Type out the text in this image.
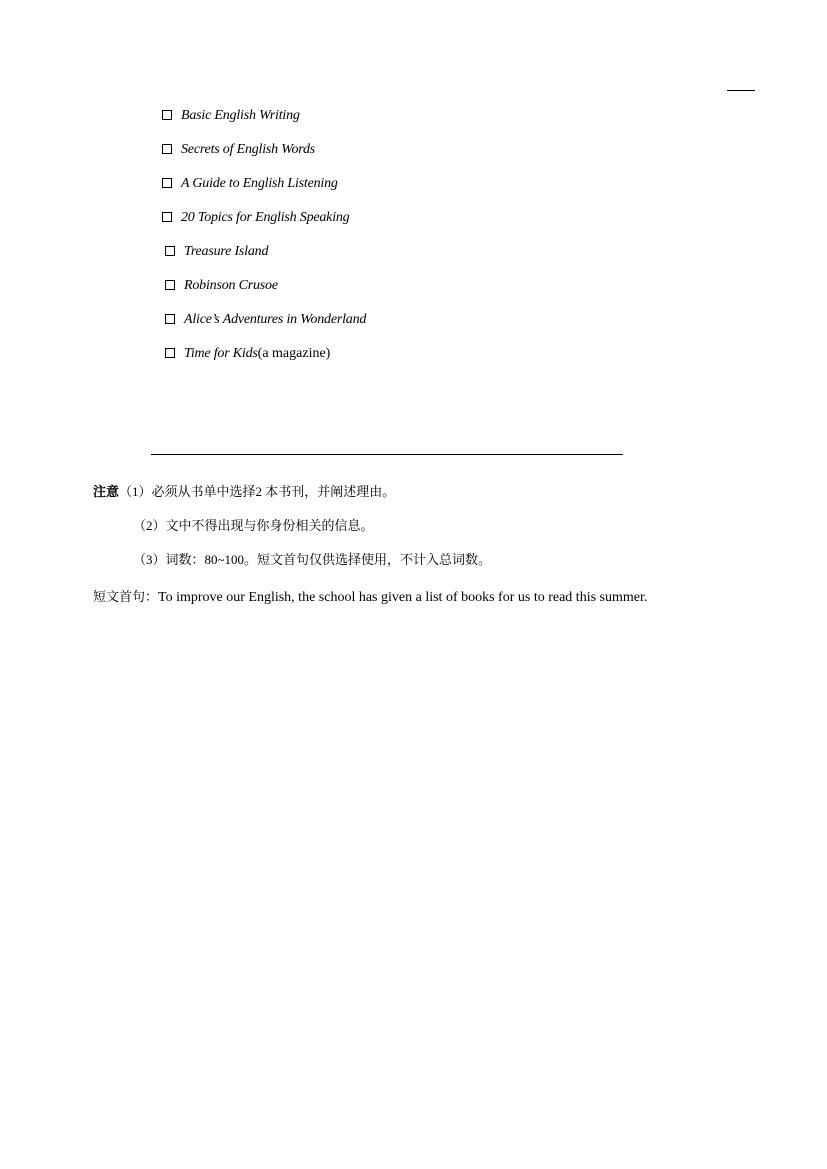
Basic English Writing
Secrets of English Words
A Guide to English Listening
20 Topics for English Speaking
Treasure Island
Robinson Crusoe
Alice’s Adventures in Wonderland
Time for Kids (a magazine)
注意（1）必须从书单中选择2 本书刊，并阐述理由。
（2）文中不得出现与你身份相关的信息。
（3）词数：80~100。短文首句仅供选择使用，不计入总词数。
短文首句：To improve our English, the school has given a list of books for us to read this summer.
